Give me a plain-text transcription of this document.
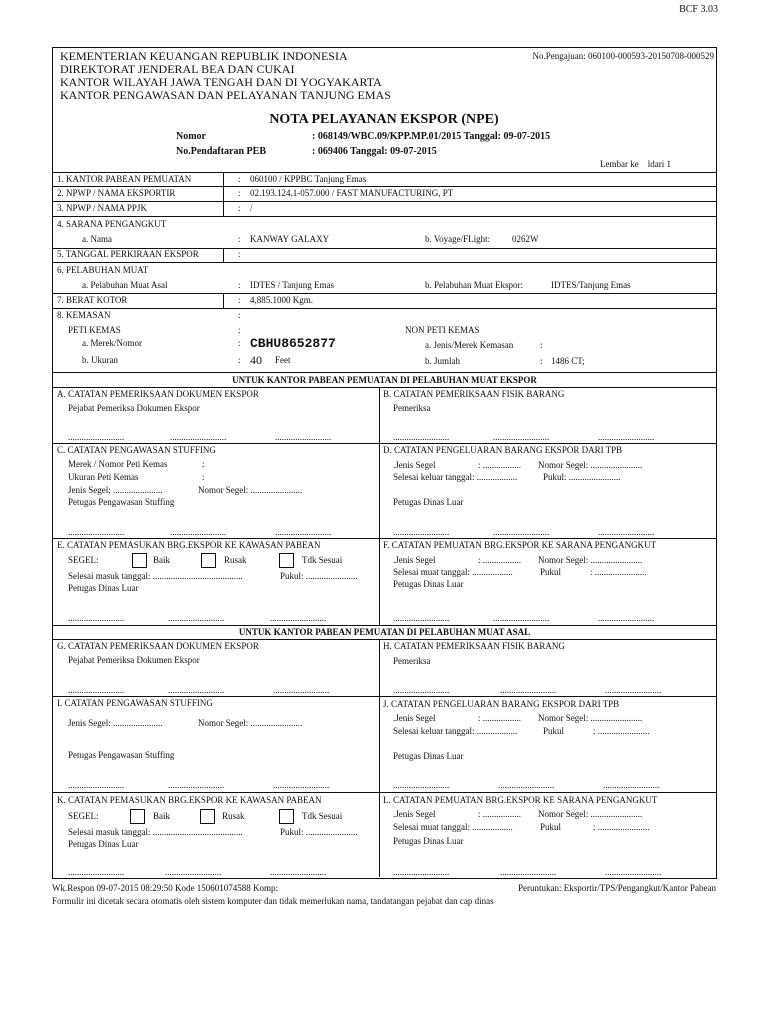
BCF 3.03
KEMENTERIAN KEUANGAN REPUBLIK INDONESIA
DIREKTORAT JENDERAL BEA DAN CUKAI
KANTOR WILAYAH JAWA TENGAH DAN DI YOGYAKARTA
KANTOR PENGAWASAN DAN PELAYANAN TANJUNG EMAS
No.Pengajuan: 060100-000593-20150708-000529
NOTA PELAYANAN EKSPOR (NPE)
Nomor	: 068149/WBC.09/KPP.MP.01/2015 Tanggal: 09-07-2015
No.Pendaftaran PEB	: 069406 Tanggal: 09-07-2015
Lembar ke    ldari 1
1. KANTOR PABEAN PEMUATAN	: 060100 / KPPBC Tanjung Emas
2. NPWP / NAMA EKSPORTIR	: 02.193.124.1-057.000 / FAST MANUFACTURING, PT
3. NPWP / NAMA PPJK	: /
4. SARANA PENGANGKUT
a. Nama	: KANWAY GALAXY	b. Voyage/FLight: 0262W
5. TANGGAL PERKIRAAN EKSPOR	:
6. PELABUHAN MUAT
a. Pelabuhan Muat Asal	: IDTES / Tanjung Emas	b. Pelabuhan Muat Ekspor:	IDTES/Tanjung Emas
7. BERAT KOTOR	: 4,885.1000 Kgm.
8. KEMASAN	:
PETI KEMAS	:
a. Merek/Nomor	: CBHU8652877
b. Ukuran	: 40 Feet
NON PETI KEMAS
a. Jenis/Merek Kemasan	:
b. Jumlah	: 1486 CT;
UNTUK KANTOR PABEAN PEMUATAN DI PELABUHAN MUAT EKSPOR
A. CATATAN PEMERIKSAAN DOKUMEN EKSPOR
Pejabat Pemeriksa Dokumen Ekspor
.........................	.........................	.........................
B. CATATAN PEMERIKSAAN FISIK BARANG
Pemeriksa
.........................	.........................	.........................
C. CATATAN PENGAWASAN STUFFING
Merek / Nomor Peti Kemas	:
Ukuran Peti Kemas	:
Jenis Segel: ......................	Nomor Segel: .......................
Petugas Pengawasan Stuffing
.........................	.........................	.........................
D. CATATAN PENGELUARAN BARANG EKSPOR DARI TPB
.Jenis Segel	: ................. Nomor Segel: .......................
Selesai keluar tanggal: ..................	Pukul: .......................
Petugas Dinas Luar
.........................	.........................	.........................
E. CATATAN PEMASUKAN BRG.EKSPOR KE KAWASAN PABEAN
SEGEL:	Baik	Rusak	Tdk Sesuai
Selesai masuk tanggal: ........................................	Pukul: .......................
Petugas Dinas Luar
.........................	.........................	.........................
F. CATATAN PEMUATAN BRG.EKSPOR KE SARANA PENGANGKUT
.Jenis Segel	: ................. Nomor Segel: .......................
Selesai muat tanggal: ..................	Pukul	: .......................
Petugas Dinas Luar
.........................	.........................	.........................
UNTUK KANTOR PABEAN PEMUATAN DI PELABUHAN MUAT ASAL
G. CATATAN PEMERIKSAAN DOKUMEN EKSPOR
Pejabat Pemeriksa Dokumen Ekspor
.........................	.........................	.........................
H. CATATAN PEMERIKSAAN FISIK BARANG
Pemeriksa
.........................	.........................	.........................
I. CATATAN PENGAWASAN STUFFING
Jenis Segel: ......................	Nomor Segel: .......................
Petugas Pengawasan Stuffing
.........................	.........................	.........................
J. CATATAN PENGELUARAN BARANG EKSPOR DARI TPB
.Jenis Segel	: ................. Nomor Segel: .......................
Selesai keluar tanggal: ..................	Pukul	: .......................
Petugas Dinas Luar
.........................	.........................	.........................
K. CATATAN PEMASUKAN BRG.EKSPOR KE KAWASAN PABEAN
SEGEL:	Baik	Rusak	Tdk Sesuai
Selesai masuk tanggal: ........................................	Pukul: .......................
Petugas Dinas Luar
.........................	.........................	.........................
L. CATATAN PEMUATAN BRG.EKSPOR KE SARANA PENGANGKUT
.Jenis Segel	: ................. Nomor Segel: .......................
Selesai muat tanggal: ..................	Pukul	: .......................
Petugas Dinas Luar
.........................	.........................	.........................
Wk.Respon 09-07-2015 08:29:50 Kode 150601074588 Komp:	Peruntukan: Eksportir/TPS/Pengangkut/Kantor Pabean
Formulir ini dicetak secara otomatis oleh sistem komputer dan tidak memerlukan nama, tandatangan pejabat dan cap dinas
